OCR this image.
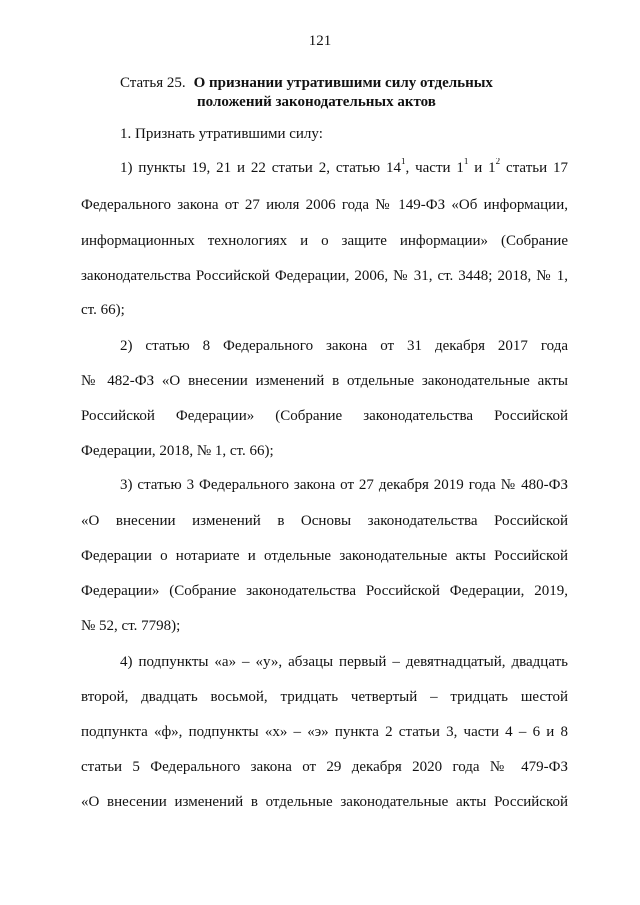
121
Статья 25. О признании утратившими силу отдельных
положений законодательных актов
1. Признать утратившими силу:
1) пункты 19, 21 и 22 статьи 2, статью $14^1$, части $1^1$ и $1^2$ статьи 17
Федерального закона от 27 июля 2006 года № 149-ФЗ «Об информации,
информационных технологиях и о защите информации» (Собрание
законодательства Российской Федерации, 2006, № 31, ст. 3448; 2018, № 1,
ст. 66);
2) статью 8 Федерального закона от 31 декабря 2017 года
№ 482-ФЗ «О внесении изменений в отдельные законодательные акты
Российской Федерации» (Собрание законодательства Российской
Федерации, 2018, № 1, ст. 66);
3) статью 3 Федерального закона от 27 декабря 2019 года № 480-ФЗ
«О внесении изменений в Основы законодательства Российской
Федерации о нотариате и отдельные законодательные акты Российской
Федерации» (Собрание законодательства Российской Федерации, 2019,
№ 52, ст. 7798);
4) подпункты «а» – «у», абзацы первый – девятнадцатый, двадцать
второй, двадцать восьмой, тридцать четвертый – тридцать шестой
подпункта «ф», подпункты «х» – «э» пункта 2 статьи 3, части 4 – 6 и 8
статьи 5 Федерального закона от 29 декабря 2020 года № 479-ФЗ
«О внесении изменений в отдельные законодательные акты Российской
